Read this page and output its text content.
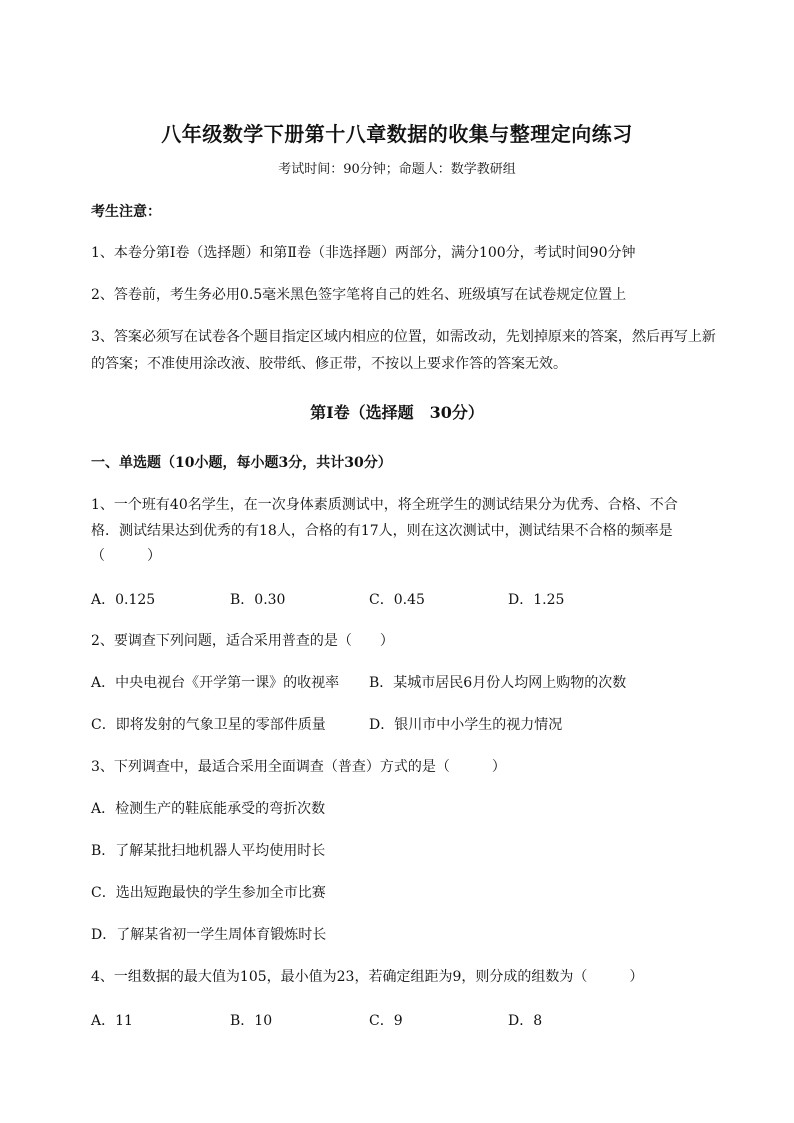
八年级数学下册第十八章数据的收集与整理定向练习
考试时间：90分钟；命题人：数学教研组
考生注意：
1、本卷分第I卷（选择题）和第Ⅱ卷（非选择题）两部分，满分100分，考试时间90分钟
2、答卷前，考生务必用0.5毫米黑色签字笔将自己的姓名、班级填写在试卷规定位置上
3、答案必须写在试卷各个题目指定区域内相应的位置，如需改动，先划掉原来的答案，然后再写上新
的答案；不准使用涂改液、胶带纸、修正带，不按以上要求作答的答案无效。
第I卷（选择题　30分）
一、单选题（10小题，每小题3分，共计30分）
1、一个班有40名学生，在一次身体素质测试中，将全班学生的测试结果分为优秀、合格、不合
格．测试结果达到优秀的有18人，合格的有17人，则在这次测试中，测试结果不合格的频率是
（　　　）
A．0.125	B．0.30	C．0.45	D．1.25
2、要调查下列问题，适合采用普查的是（　　）
A．中央电视台《开学第一课》的收视率 B．某城市居民6月份人均网上购物的次数
C．即将发射的气象卫星的零部件质量	D．银川市中小学生的视力情况
3、下列调查中，最适合采用全面调查（普查）方式的是（　　　）
A．检测生产的鞋底能承受的弯折次数
B．了解某批扫地机器人平均使用时长
C．选出短跑最快的学生参加全市比赛
D．了解某省初一学生周体育锻炼时长
4、一组数据的最大值为105，最小值为23，若确定组距为9，则分成的组数为（　　　）
A．11	B．10	C．9	D．8
